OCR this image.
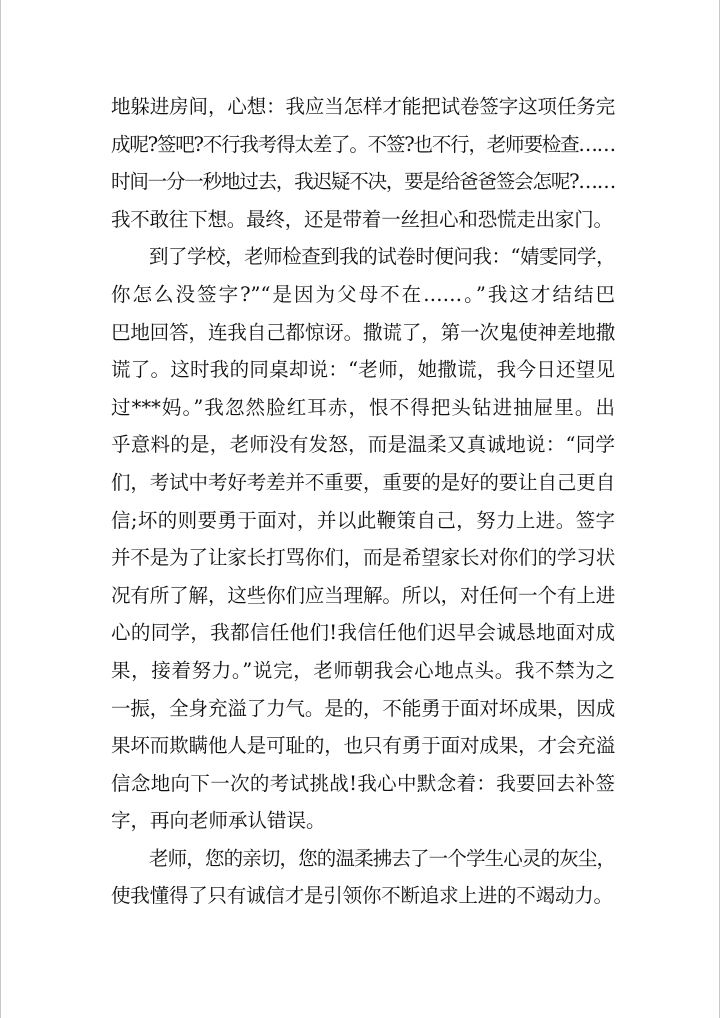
地躲进房间，心想：我应当怎样才能把试卷签字这项任务完
成呢?签吧?不行我考得太差了。不签?也不行，老师要检查……
时间一分一秒地过去，我迟疑不决，要是给爸爸签会怎呢?……
我不敢往下想。最终，还是带着一丝担心和恐慌走出家门。
到了学校，老师检查到我的试卷时便问我：“婧雯同学，
你怎么没签字?”“是因为父母不在……。”我这才结结巴
巴地回答，连我自己都惊讶。撒谎了，第一次鬼使神差地撒
谎了。这时我的同桌却说：“老师，她撒谎，我今日还望见
过***妈。”我忽然脸红耳赤，恨不得把头钻进抽屉里。出
乎意料的是，老师没有发怒，而是温柔又真诚地说：“同学
们，考试中考好考差并不重要，重要的是好的要让自己更自
信;坏的则要勇于面对，并以此鞭策自己，努力上进。签字
并不是为了让家长打骂你们，而是希望家长对你们的学习状
况有所了解，这些你们应当理解。所以，对任何一个有上进
心的同学，我都信任他们!我信任他们迟早会诚恳地面对成
果，接着努力。”说完，老师朝我会心地点头。我不禁为之
一振，全身充溢了力气。是的，不能勇于面对坏成果，因成
果坏而欺瞒他人是可耻的，也只有勇于面对成果，才会充溢
信念地向下一次的考试挑战!我心中默念着：我要回去补签
字，再向老师承认错误。
老师，您的亲切，您的温柔拂去了一个学生心灵的灰尘，
使我懂得了只有诚信才是引领你不断追求上进的不竭动力。
